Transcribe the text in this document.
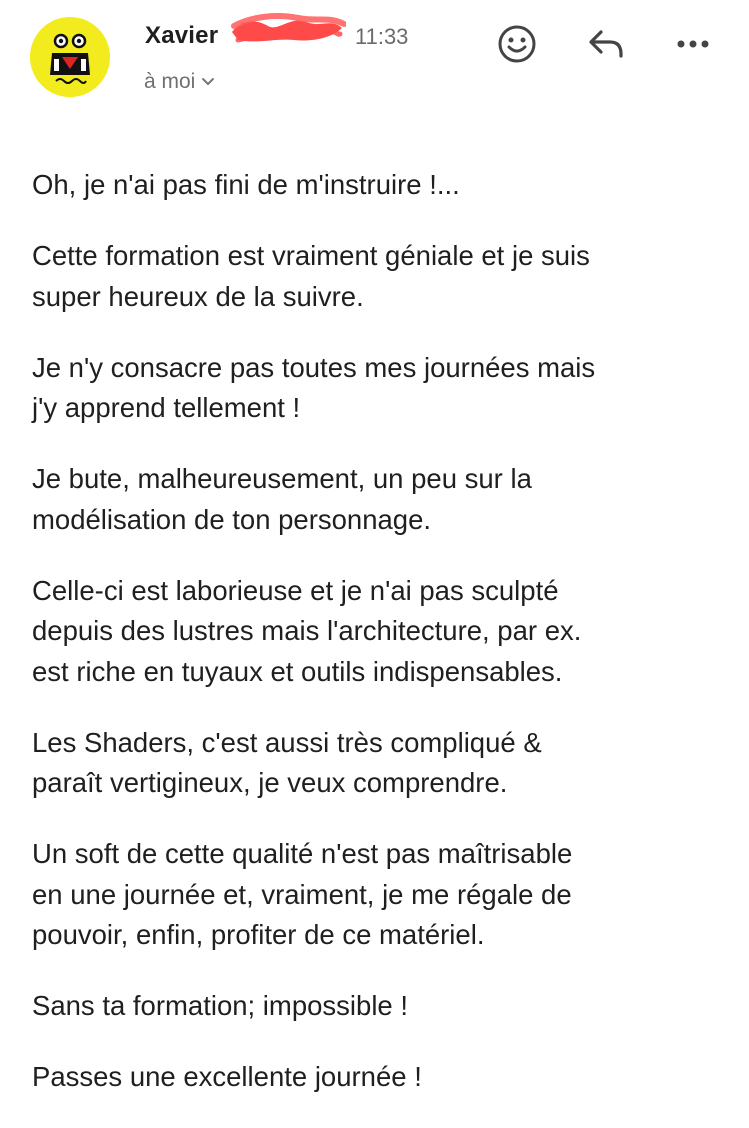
Xavier	11:33
à moi

Oh, je n'ai pas fini de m'instruire !...

Cette formation est vraiment géniale et je suis
super heureux de la suivre.

Je n'y consacre pas toutes mes journées mais
j'y apprend tellement !

Je bute, malheureusement, un peu sur la
modélisation de ton personnage.

Celle-ci est laborieuse et je n'ai pas sculpté
depuis des lustres mais l'architecture, par ex.
est riche en tuyaux et outils indispensables.

Les Shaders, c'est aussi très compliqué &
paraît vertigineux, je veux comprendre.

Un soft de cette qualité n'est pas maîtrisable
en une journée et, vraiment, je me régale de
pouvoir, enfin, profiter de ce matériel.

Sans ta formation; impossible !

Passes une excellente journée !
